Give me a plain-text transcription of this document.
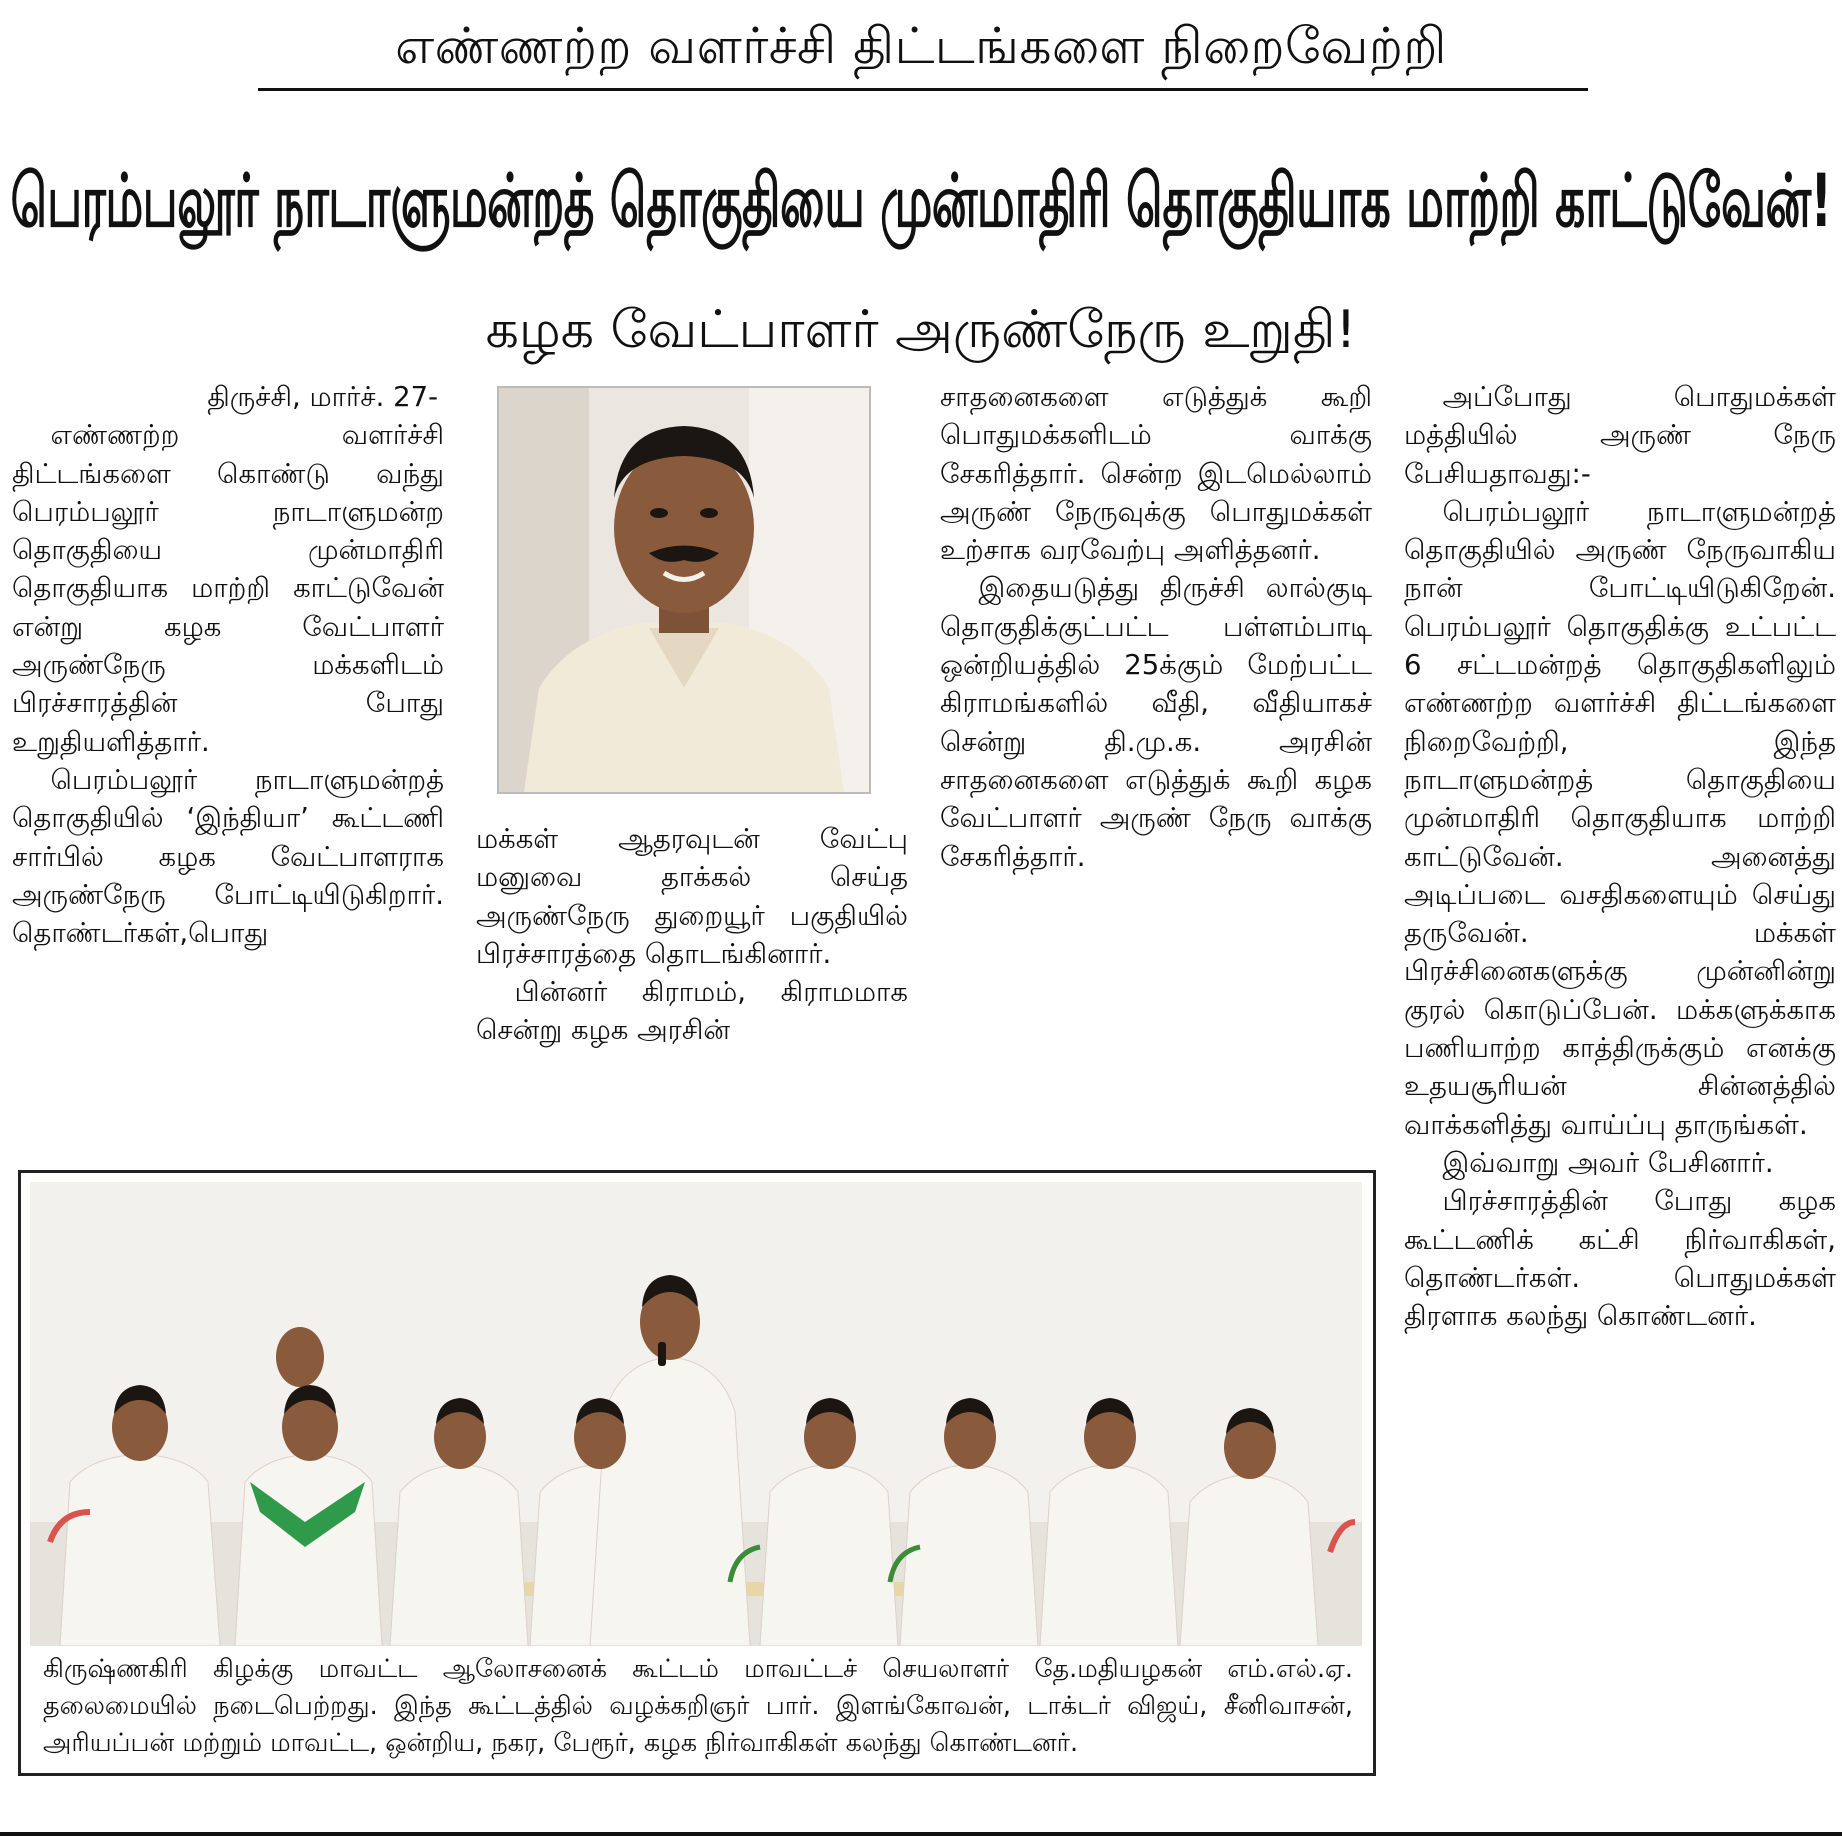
எண்ணற்ற வளர்ச்சி திட்டங்களை நிறைவேற்றி
பெரம்பலூர் நாடாளுமன்றத் தொகுதியை முன்மாதிரி தொகுதியாக மாற்றி காட்டுவேன்!
கழக வேட்பாளர் அருண்நேரு உறுதி!

திருச்சி, மார்ச். 27-

எண்ணற்ற வளர்ச்சி திட்டங்களை கொண்டு வந்து பெரம்பலூர் நாடாளுமன்ற தொகுதியை முன்மாதிரி தொகுதியாக மாற்றி காட்டுவேன் என்று கழக வேட்பாளர் அருண்நேரு மக்களிடம் பிரச்சாரத்தின் போது உறுதியளித்தார்.

பெரம்பலூர் நாடாளுமன்றத் தொகுதியில் ‘இந்தியா’ கூட்டணி சார்பில் கழக வேட்பாளராக அருண்நேரு போட்டியிடுகிறார். தொண்டர்கள்,பொது

மக்கள் ஆதரவுடன் வேட்பு மனுவை தாக்கல் செய்த அருண்நேரு துறையூர் பகுதியில் பிரச்சாரத்தை தொடங்கினார்.

பின்னர் கிராமம், கிராமமாக சென்று கழக அரசின்

சாதனைகளை எடுத்துக் கூறி பொதுமக்களிடம் வாக்கு சேகரித்தார். சென்ற இடமெல்லாம் அருண் நேருவுக்கு பொதுமக்கள் உற்சாக வரவேற்பு அளித்தனர்.

இதையடுத்து திருச்சி லால்குடி தொகுதிக்குட்பட்ட பள்ளம்பாடி ஒன்றியத்தில் 25க்கும் மேற்பட்ட கிராமங்களில் வீதி, வீதியாகச் சென்று தி.மு.க. அரசின் சாதனைகளை எடுத்துக் கூறி கழக வேட்பாளர் அருண் நேரு வாக்கு சேகரித்தார்.

அப்போது பொதுமக்கள் மத்தியில் அருண் நேரு பேசியதாவது:-

பெரம்பலூர் நாடாளுமன்றத் தொகுதியில் அருண் நேருவாகிய நான் போட்டியிடுகிறேன். பெரம்பலூர் தொகுதிக்கு உட்பட்ட 6 சட்டமன்றத் தொகுதிகளிலும் எண்ணற்ற வளர்ச்சி திட்டங்களை நிறைவேற்றி, இந்த நாடாளுமன்றத் தொகுதியை முன்மாதிரி தொகுதியாக மாற்றி காட்டுவேன். அனைத்து அடிப்படை வசதிகளையும் செய்து தருவேன். மக்கள் பிரச்சினைகளுக்கு முன்னின்று குரல் கொடுப்பேன். மக்களுக்காக பணியாற்ற காத்திருக்கும் எனக்கு உதயசூரியன் சின்னத்தில் வாக்களித்து வாய்ப்பு தாருங்கள்.

இவ்வாறு அவர் பேசினார்.

பிரச்சாரத்தின் போது கழக கூட்டணிக் கட்சி நிர்வாகிகள், தொண்டர்கள். பொதுமக்கள் திரளாக கலந்து கொண்டனர்.

கிருஷ்ணகிரி கிழக்கு மாவட்ட ஆலோசனைக் கூட்டம் மாவட்டச் செயலாளர் தே.மதியழகன் எம்.எல்.ஏ. தலைமையில் நடைபெற்றது. இந்த கூட்டத்தில் வழக்கறிஞர் பார். இளங்கோவன், டாக்டர் விஜய், சீனிவாசன், அரியப்பன் மற்றும் மாவட்ட, ஒன்றிய, நகர, பேரூர், கழக நிர்வாகிகள் கலந்து கொண்டனர்.
